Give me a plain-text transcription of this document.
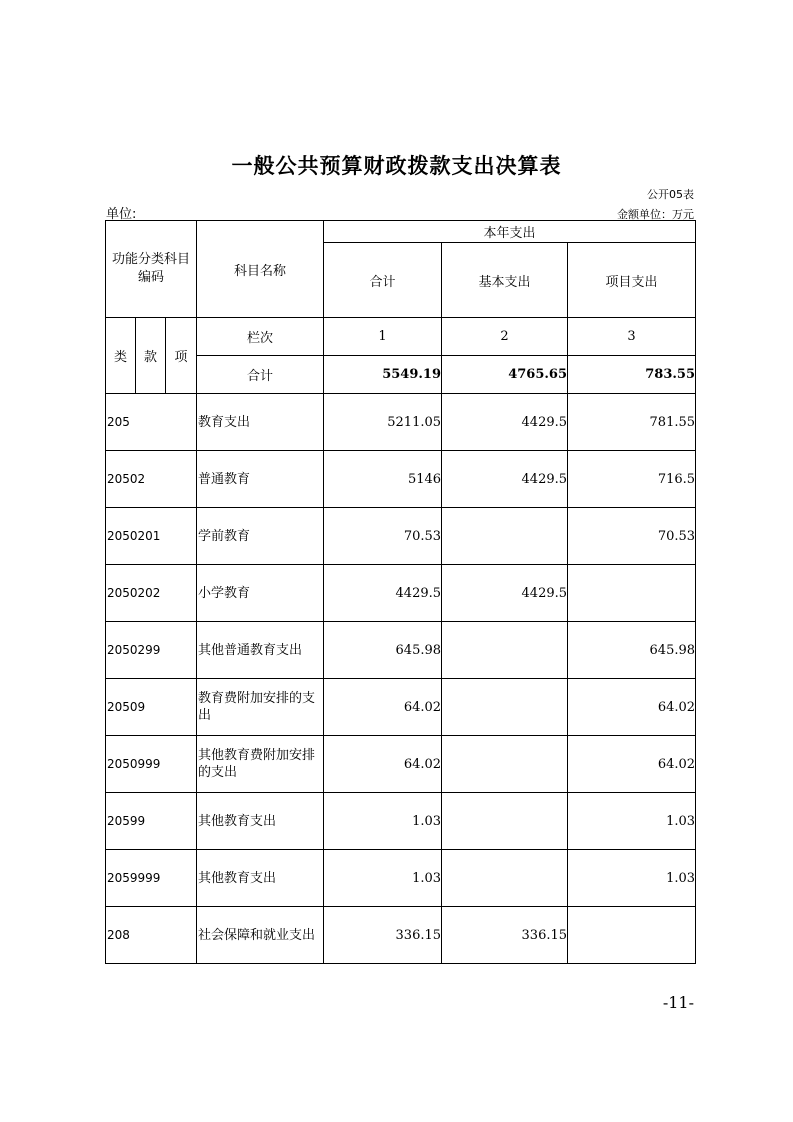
一般公共预算财政拨款支出决算表
公开05表
单位:	金额单位：万元
功能分类科目编码			科目名称	本年支出		
				合计	基本支出	项目支出
类	款	项	栏次	1	2	3
			合计	5549.19	4765.65	783.55
205			教育支出	5211.05	4429.5	781.55
20502			普通教育	5146	4429.5	716.5
2050201			学前教育	70.53		70.53
2050202			小学教育	4429.5	4429.5	
2050299			其他普通教育支出	645.98		645.98
20509			教育费附加安排的支出	64.02		64.02
2050999			其他教育费附加安排的支出	64.02		64.02
20599			其他教育支出	1.03		1.03
2059999			其他教育支出	1.03		1.03
208			社会保障和就业支出	336.15	336.15	
-11-
